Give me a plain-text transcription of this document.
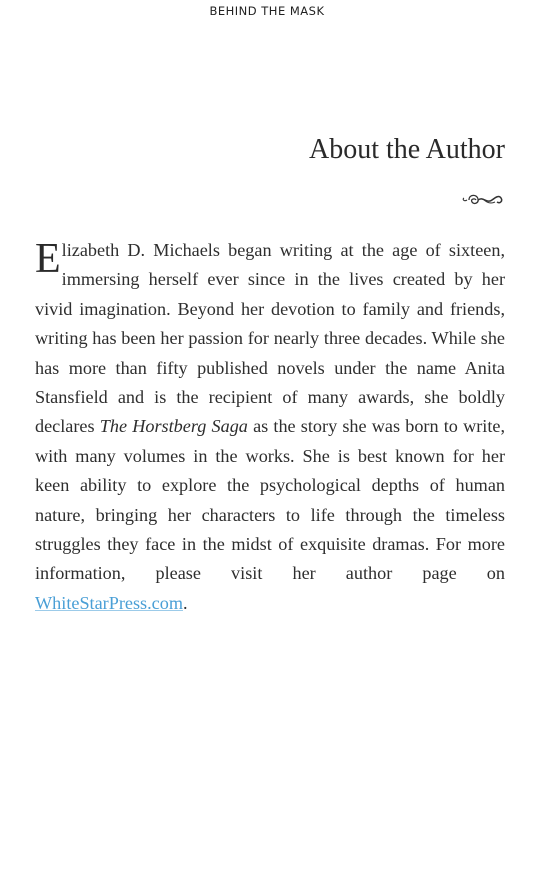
BEHIND THE MASK
About the Author

Elizabeth D. Michaels began writing at the age of sixteen, immersing herself ever since in the lives created by her vivid imagination. Beyond her devotion to family and friends, writing has been her passion for nearly three decades. While she has more than fifty published novels under the name Anita Stansfield and is the recipient of many awards, she boldly declares The Horstberg Saga as the story she was born to write, with many volumes in the works. She is best known for her keen ability to explore the psychological depths of human nature, bringing her characters to life through the timeless struggles they face in the midst of exquisite dramas. For more information, please visit her author page on WhiteStarPress.com.
